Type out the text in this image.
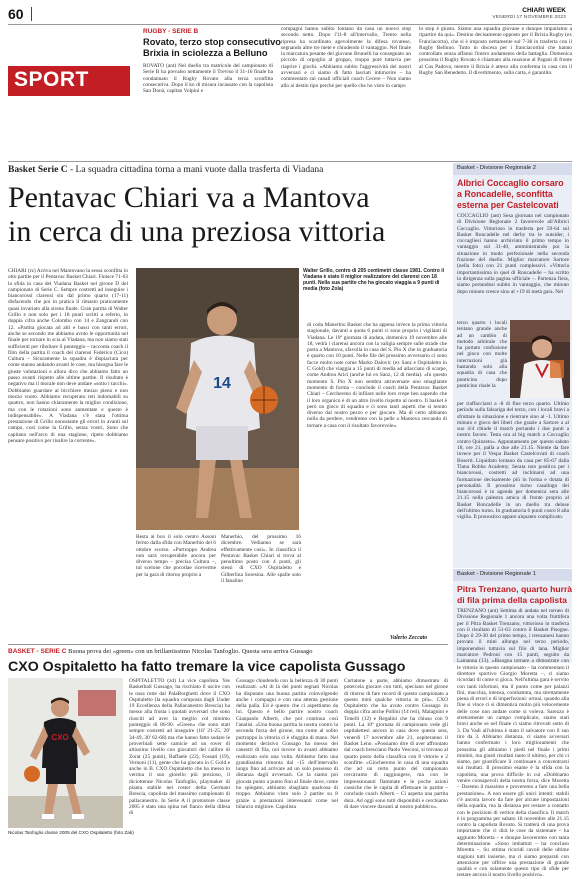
60	CHIARI WEEK
VENERDÌ 17 NOVEMBRE 2023
SPORT
RUGBY - SERIE B
Rovato, terzo stop consecutivo
Brixia in sciolezza a Belluno
ROVATO (ant) Nel duello tra matricole del campionato di Serie B ha prevalso nettamente il Treviso il 31-16 finale ha condannato il Rugby Rovato alla terza sconfitta consecutiva. Dopo il ko di misura incassato con la capolista San Donà, capitan Volpini e
compagni hanno subito lontano da casa un nuovo stop secondo netto. Dopo l'11-8 all'intervallo, Trento nella ripresa ha scardinato agevolmente la difesa rovatese, segnando altre tre mete e chiudendo il vantaggio. Nel finale la marcatura pesante del giovane Brunelli ha consegnato un piccolo di orgoglio al gruppo, troppo poté tuttavia per riaprire i giochi. «Abbiamo subito l'aggressività dei nostri avversari e ci siamo di fatto lasciati intimorire – ha commentato sui canali ufficiali coach Cecere – Non siamo allo ai destin tipo perché per quello che ho visto in campo
lo stop è giusto. Siamo una squadra giovane e dunque impariamo a ripartire da qui». Destino decisamente opposto per il Brixia Rugby (ex Franciacorta), che si è imposto nettamente sul 7-38 in trasferta con il Rugby Belluno. Tutto in discesa per i franciacortini che hanno controllato senza affanni l'intero andamento della battaglia. Domenica prossima il Rugby Rovato è chiamato alla reazione al Pagani di fronte al Cus Padova, mentre il Brixia è atteso alla conferma in casa con il Rugby San Benedetto. Il divertimento, sulla carta, è garantito.
Basket Serie C - La squadra cittadina torna a mani vuote dalla trasferta di Viadana
Pentavac Chiari va a Mantova
in cerca di una preziosa vittoria
CHIARI (rz) Arriva nel Mantovano la sessa sconfitta in otto partite per il Pentavac Basket Chiari. Finisce 71-63 la sfida in casa del Viadana Basket nel girone D del campionato di Serie C. Sempre costretti ad inseguire i biancorossi clarensi sin dal primo quarto (17-11) disfacendo che poi in pratica il rimasto praticamente quasi invariato alla sirena finale. Gran partita di Walter Grillo e non solo per i 18 punti scritti a referto, in doppia cifra anche Colombo con 14 e Zangrandi con 12. «Partita giocata ad alti e bassi con tanti errori, anche se secondo me abbiamo avuto le opportunità nel finale per tornare in scia al Viadana, ma non siamo stati sufficienti per riboltare il punteggio – racconta coach il film della partita il coach del clarensi Federico (Cico) Cultura – Sicuramente la squadra è dispiaciuta per come stanno andando avanti le cose, ma bisogna fare le giuste valutazioni e allora dico che abbiamo fatto un passo avanti rispetto alle ultime partite. Il risultato è negativo ma il morale non deve andare «sotto i tacchi». Dobbiamo guardare al bicchiere mezzo pieno e non mezzo vuoto. Abbiamo recuperato reti indomabili su quattro, non hanno chiaramente la miglior condizione, ma con le rotazioni sono aumentate e questo è indispensabile». A Viadana c'è stata l'ottima prestazione di Grillo nonostante gli errori in avanti sul campo, così come la Grillo, senza vostri, Sono che capitano nell'arco di una stagione, ripeto dobbiamo pensare positivo per risalire la corrente».
14
Walter Grillo, centro di 205 centimetri classe 1981. Contro il Viadana è stato il miglior realizzatore dei clarensi con 18 punti. Nella sua partite che ha giocato viaggia a 9 punti di media (foto Zola)
di coda Manerbio Basket che ha appena invece la prima vittoria stagionale, davanti a quota 6 punti ci sono proprio i vigilanti di Viadana. Le 10ª giornata di andata, domenica 19 novembre alle 18, vedrà i clarensi ancora con la valigia sempre sulle strade che porta a Mantova, sfavolla in casa del S. Pio X che in graduatoria è quarto con 10 punti. Nelle file del prossimo avversario ci sono facce molto note come Marko Dalovic (ex Sanz e Ospitaletto in C Gold) che viaggia a 15 punti di media ad allacciato di scarpe, come Andrea Arici (anche lui ex Sanz, 12 di media). «In questo momento S. Pio X non sembra attraversare uno smagliante momento di forma – conclude il coach della Pentavac Basket Chiari – Cerchereno di infilare nelle loro crepe ben sapendo che il loro organico è di un altro livello rispetto al nostro. Il basket è però un gioco di squadra e ci sono tanti aspetti che si tenuto diverso dal nostro pezzo e per giocare. Ma di certo abbiamo nulla da perdere, vendremo con la pelle a Mantova cercando di tornare a casa con il risultato favorevole».
Resta ai box il solo centro Assoni fermo dalla sfida con Manerbio del 6 ottobre scorso. «Purtroppo Andrea non sarà recuperabile ancora per diverso tempo – precisa Cultura –, tul scelone che pocotlae riceverme per la gara di ritorno proprio a
Manerbio, del prossimo 16 dicembre. Vedianno se sarà effettivamente così». In classifica il Pentavac Basket Chiari si trova al penultimo posto con 4 punti, gli stessi di CXO Ospitaletto e Gilberlina Soresina. Alle spalle solo il fanalino
Valerio Zeccato
Basket - Divisione Regionale 2
Albrici Coccaglio corsaro
a Roncadelle, sconfitta
esterna per Castelcovati
COCCAGLIO (ant) Sesa giornata nel campionato di Divisione Regionale 2 favorevole all'Albrici Coccaglio. Vittorioso in trasferta per 59-64 sul Basket Roncadelle nel derby tra le outsider, i coccagliesi hanno archiviato il primo tempo in vantaggio sul 31-40, amministrando poi la situazione in modo perfezionale nella seconda frazione del duello. Miglior marcatore Sartore (nella foto) con 21 punti complessivi. «Vittoria importantissima in quel di Roncadelle – ha scritto la dirigenza sulla pagina ufficiale –. Partenza fiera, siamo portandosi subito in vantaggio, che minuto dopo minuto cresce sino al +19 di metà gara. Nel
terzo quarto i locali tentano grande anche ad un cambio di metodo arbitrale che ha portato confusione nel gioco con molte interruzioni già bastando solo alla squadra di casa che punticino dopo punticino risale la
per riaffacciarsi a -8 di fine terzo quarto. Ultimo periodo sulla falsariga del terzo, con i locali bravi a sfruttare la situazione e rientrare sino al -1. Ultimo minuto e gioco dei liberi che grazie a Sartore a al suo 4/4 chiude il match portando i due punti a nostro favore. Testa ora al big match a Coccaglio contro Quinzeto». Appuntamento per questo sabato 18, ore 21, palla a due alle 21.15. Niente da fare invece per il Vespa Basket Castelcovati di coach Boserti. Liquidato lontano da casa per 85-67 dalla Tiana Robba Academy. Serata non positiva per i biancorossi, costretti ad inchinarsi ad una formazione decisamente più in forma e dotata di personalità. Il prossimo turno casalingo dei biancorossi è in agenda per domenica sera alle 21.15 nella palestra amica di fronte proprio al Basket Roncadelle in un duello tra deluse dell'ultimo turno. In graduatoria 6 punti cosro 8 alla vigilia. Il pronostico appare alquanto complicato.
Basket - Divisione Regionale 1
Pitra Trenzano, quarto hurrà
di fila prima della capolista
TRENZANO (ant) Settima di andata nel torneo di Divisione Regionale 1 ancora una volta fruttifera per il Pitra Basket Trenzano, vittorioso in trasferta con il risultato di 51-63 contro il Basket Pisogne. Dopo il 29-30 del primo tempo, i trenzanesi hanno provato il mini allungo nel terzo periodo, imponendosi tuttavia sul filo di lana. Miglior marcatore Pedroni con 15 punti, seguito da Lamanna (13). «Bisogna tornare a dimostrare con le vittorie in questo campionato – ha commentato il direttore sportivo Giorgio Moretta –, ci siamo ricordati di come si gioca. Nell'ultima gara è servito con tanti infortuni, ma il punto come per palazzi fini, macchia, intensa, combattuta, ma strettamente piena di errori e di imperfezioni: ormai, quando alla fine si vince ci si dimentica molto più velocemente delle cose non andate come si voleva. Sarezzo è stretramente un campo complicato, siamo stati bravi anche se nel finale ci siamo ritrovati sotto di 3. Da Vadi all'ultima è stato il salvatore con il suo tiro da 3. Abbiamo distanza, ci siamo avversari hanno confermato i loro miglioramenti che prossima gli abbiamo i piedi nel finale i primi minimi, ma giusti risultati tanto il ultimo, per chi ci siamo, per giustificare il continuare a concentrarsi sui risultati. Il prossimo esame è la sfida con la capolista, una prova difficile in cui «Dobbiamo venire consapevoli della nostra forza, dice Moretta – Daremo il massimo e proveremo a fare una bella prestazione». A non essere gli unici intenti: stabili c'è ancora lavoro da fare per alcune impostazioni della squadra, ma la distanza per restare a contatto con le posizioni di vertice della classifica. Il match è in programma per sabato 18 novembre alle 21.15 contro la capolista Rovato. Si tratterà di una prova importante che ci dirà le cose da sistemare – ha aggiunto Moretta – e dunque lavoreremo con tanta determinazione. «Sono imbattuti – ha concluso Moretta –. Su ottima ricoridi cavoli delle ultime stagioni tutti insieme, ma ci siamo preparati con attenzione per offrire una prestazione di grande qualità e con solamente questo tipo di sfide per testare ancora il nostro livello positivo».
BASKET - SERIE C Buona prova dei «green» con un brillantissimo Nicolas Tanfoglio. Questa sera arriva Gussago
CXO Ospitaletto ha fatto tremare la vice capolista Gussago
CXO
Nicolas Tanfoglio classe 2005 del CXO Ospitaletto (foto Zak)
OSPITALETTO (zd) La vice capolista. Yes Basketball Gussago, ha rischiato il uscire con le ossa rotte dal PalaBorghetti dove il CXO Ospitaletto (la squadra composta dagli Under 19 Eccellenza della Pallacanestro Brescia) ha messo alla frusta i quotati avversari che sono riusciti ad aver la meglio col minimo punteggio di 86-90. «Green» che sono stati sempre costretti ad inseguire (18' 21-25, 20' 34-49, 30' 62-68) ma che hanno fatto sudare le proverbiali sette camicie ad un rover di altissimo livello con giocatori del calibro di Zorat (25 punti), Raffaele (22), Fossati (19), Vernoni (11), gente che ha giocato in C Gold e anche in B. CXO Ospitaletto che ha messo in vetrina il suo gioiello più prezioso, il diciottenne Nicolas Tanfoglio, playmaker di pianta stabile nel roster della Germani Brescia, capolista del massimo campionato di pallacanestro. In Serie A il promotore classe 2005 è stato una spina nel fianco della difesa di
Gussago chiudendo con la bellezza di 30 punti realizzati. «Al di là dei punti segnati Nicolas ha disputato una buona partita coinvolgendo anche i compagni e con una attenta gestione della palla. Ed è questo che ci aspettiamo da lui. Questo è bello partire nostro coach Gianpaolo Alberti, che poi continua così l'analisi. «Una buona partita la nostra contro la seconda forza del girone, ma come al solito purtroppo la vittoria ci è sfuggita di mano. Nel momento decisivo Gussago ha messo dei canestri di fila, noi invece in avanti abbiamo realizzato solo una volta. Abbiamo fatto una grandissima rimonta dal -15 dell'intervallo lungo fino ad arrivare ad un solo possesso di distanza dagli avversari. Ce la siamo poi giocata punto a punto fino al finale dove, come ho spiegato, abbiamo sbagliato qualcosa di troppo. Abbiamo visto solo 2 partite su 8 grazie a prestazioni interessanti come nel bilancio migliore. Capolista
Curtatone a parte, abbiamo dimostrato di potercela giocare con tutti, speciano nel girone di ritorno di fare record di questo campionato a questo mini qualche vittoria in più». CXO Ospitaletto che ha avuto contro Gussago in doppia cifra anche Pollini (14 reti), Malagnini e Tonelli (12) e Regalini che ha chiuso con 9 punti. La 10ª giornata di campionato vede gli ospitalettesi ancora in casa dove questa sera, venerdì 17 novembre alle 21, ospiteranno il Basket Leno. «Possiamo dire di aver affrontato dal coach bresciano Paolo Vesconi, si trovano al quarto posto della classifica con 8 vittorie e 2 sconfitte. «Giocheremo in casa di una squadra che ad un certo punto del campionato cercavamo di raggiungere, ma con le impressionanti flammate e le poche azioni cassiche che le capita di effettuare in partite – conclude coach Alberti – Ci aspetta una partita dura. Ad oggi sono tutti disponibili e cerchiamo di dare vincere davanti al nostro pubblico».
